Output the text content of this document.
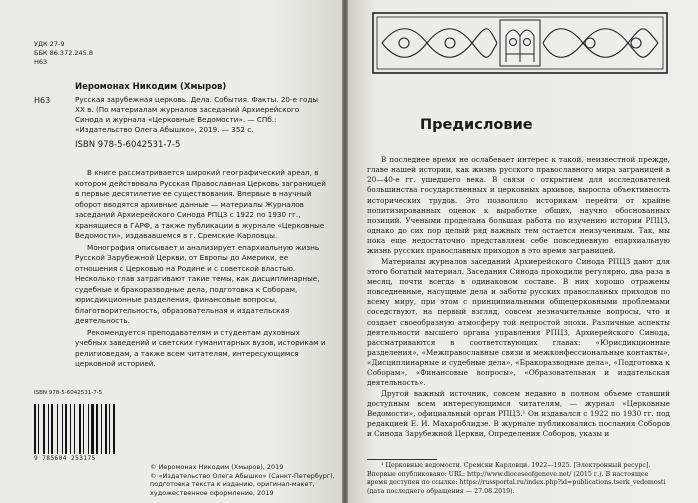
УДК 27-9
ББК 86.372.245.8
Н63
Иеромонах Никодим (Хмыров)
Н63	Русская зарубежная церковь. Дела. События. Факты. 20-е годы XX в. (По материалам журналов заседаний Архиерейского Синода и журнала «Церковные Ведомости». — СПб.: «Издательство Олега Абышко», 2019. — 352 с.
ISBN 978-5-6042531-7-5

В книге рассматривается широкий географический ареал, в котором действовала Русская Православная Церковь заграницей в первые десятилетие ее существования. Впервые в научный оборот вводятся архивные данные — материалы Журналов заседаний Архиерейского Синода РПЦЗ с 1922 по 1930 гг., хранящиеся в ГАРФ, а также публикации в журнале «Церковные Ведомости», издававшемся в г. Сремские Карловцы.

Монография описывает и анализирует епархиальную жизнь Русской Зарубежной Церкви, от Европы до Америки, ее отношения с Церковью на Родине и с советской властью. Несколько глав затрагивают такие темы, как дисциплинарные, судебные и бракоразводные дела, подготовка к Соборам, юрисдикционные разделения, финансовые вопросы, благотворительность, образовательная и издательская деятельность.

Рекомендуется преподавателям и студентам духовных учебных заведений и светских гуманитарных вузов, историкам и религиоведам, а также всем читателям, интересующимся церковной историей.

ISBN 978-5-6042531-7-5
9 785604 253175
© Иеромонах Никодим (Хмыров), 2019
© «Издательство Олега Абышко» (Санкт-Петербург), подготовка текста к изданию, оригинал-макет, художественное оформление, 2019
Предисловие

В последнее время не ослабевает интерес к такой, неизвестной прежде, главе нашей истории, как жизнь русского православного мира заграницей в 20—40-е гг. ушедшего века. В связи с открытием для исследователей большинства государственных и церковных архивов, выросла объективность исторических трудов. Это позволило историкам перейти от крайне политизированных оценок к выработке общих, научно обоснованных позиций. Учеными проделана большая работа по изучению истории РПЦЗ, однако до сих пор целый ряд важных тем остается неизученным. Так, мы пока еще недостаточно представляем себе повседневную епархиальную жизнь русских православных приходов в это время заграницей.

Материалы журналов заседаний Архиерейского Синода РПЦЗ дают для этого богатый материал. Заседания Синода проходили регулярно, два раза в месяц, почти всегда в одинаковом составе. В них хорошо отражены повседневные, насущные дела и заботы русских православных приходов по всему миру, при этом с принципиальными общецерковными проблемами соседствуют, на первый взгляд, совсем незначительные вопросы, что и создает своеобразную атмосферу той непростой эпохи. Различные аспекты деятельности высшего органа управления РПЦЗ, Архиерейского Синода, рассматриваются в соответствующих главах: «Юрисдикционные разделения», «Межправославные связи и межконфессиональные контакты», «Дисциплинарные и судебные дела», «Бракоразводные дела», «Подготовка к Соборам», «Финансовые вопросы», «Образовательная и издательская деятельность».

Другой важный источник, совсем недавно в полном объеме ставший доступным всем интересующимся читателям, — журнал «Церковные Ведомости», официальный орган РПЦЗ.¹ Он издавался с 1922 по 1930 гг. под редакцией Е. И. Махароблидзе. В журнале публиковались послания Соборов и Синода Зарубежной Церкви, Определения Соборов, указы и

¹ Церковные ведомости. Сремски Карловци. 1922—1925. [Электронный ресурс]. Впервые опубликовано: URL: http://www.dioceseofgeneve.net/ (2015 г.). В настоящее время доступен по ссылке: https://russportal.ru/index.php?id=publications.tserk_vedomosti (дата последнего обращения — 27.08.2019).
